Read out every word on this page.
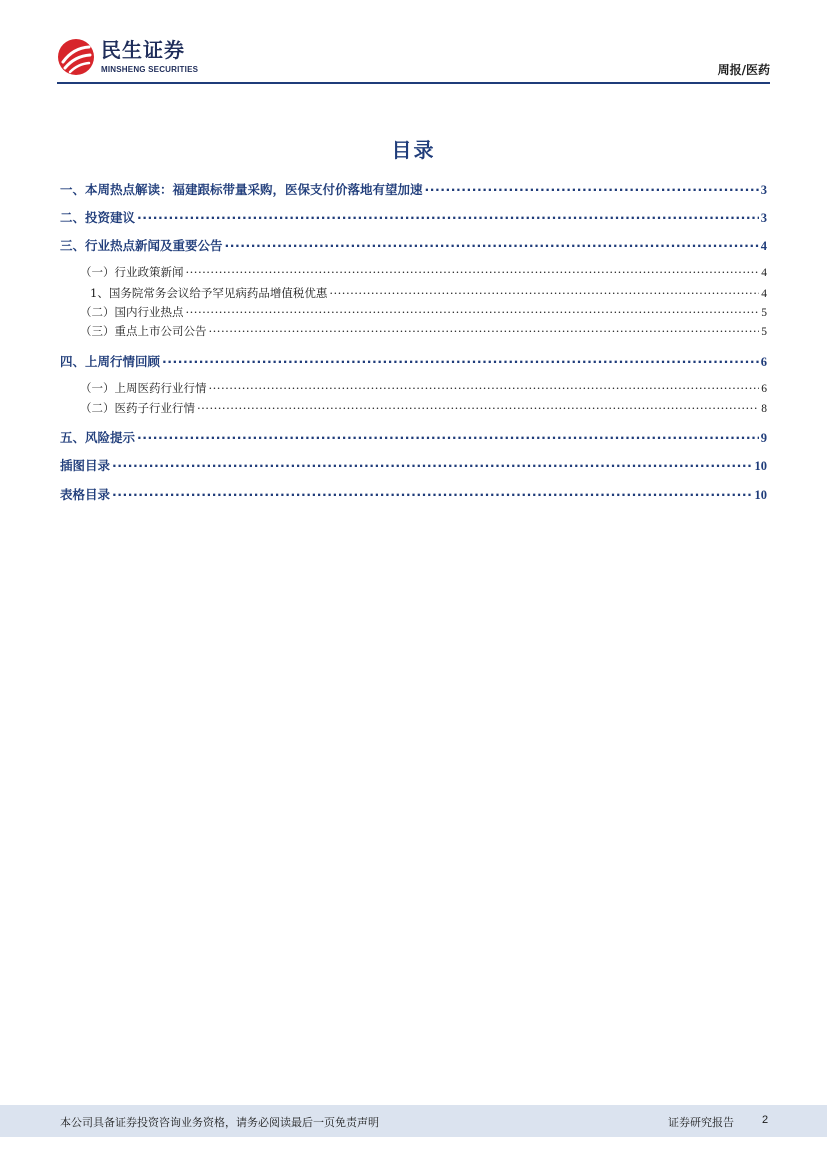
民生证券
MINSHENG SECURITIES	周报/医药
目录
一、本周热点解读：福建跟标带量采购，医保支付价落地有望加速 .....	3
二、投资建议 .....	3
三、行业热点新闻及重要公告 .....	4
（一）行业政策新闻 .....	4
1、国务院常务会议给予罕见病药品增值税优惠 .....	4
（二）国内行业热点 .....	5
（三）重点上市公司公告 .....	5
四、上周行情回顾 .....	6
（一）上周医药行业行情 .....	6
（二）医药子行业行情 .....	8
五、风险提示 .....	9
插图目录 .....	10
表格目录 .....	10
本公司具备证券投资咨询业务资格，请务必阅读最后一页免责声明	证券研究报告	2
